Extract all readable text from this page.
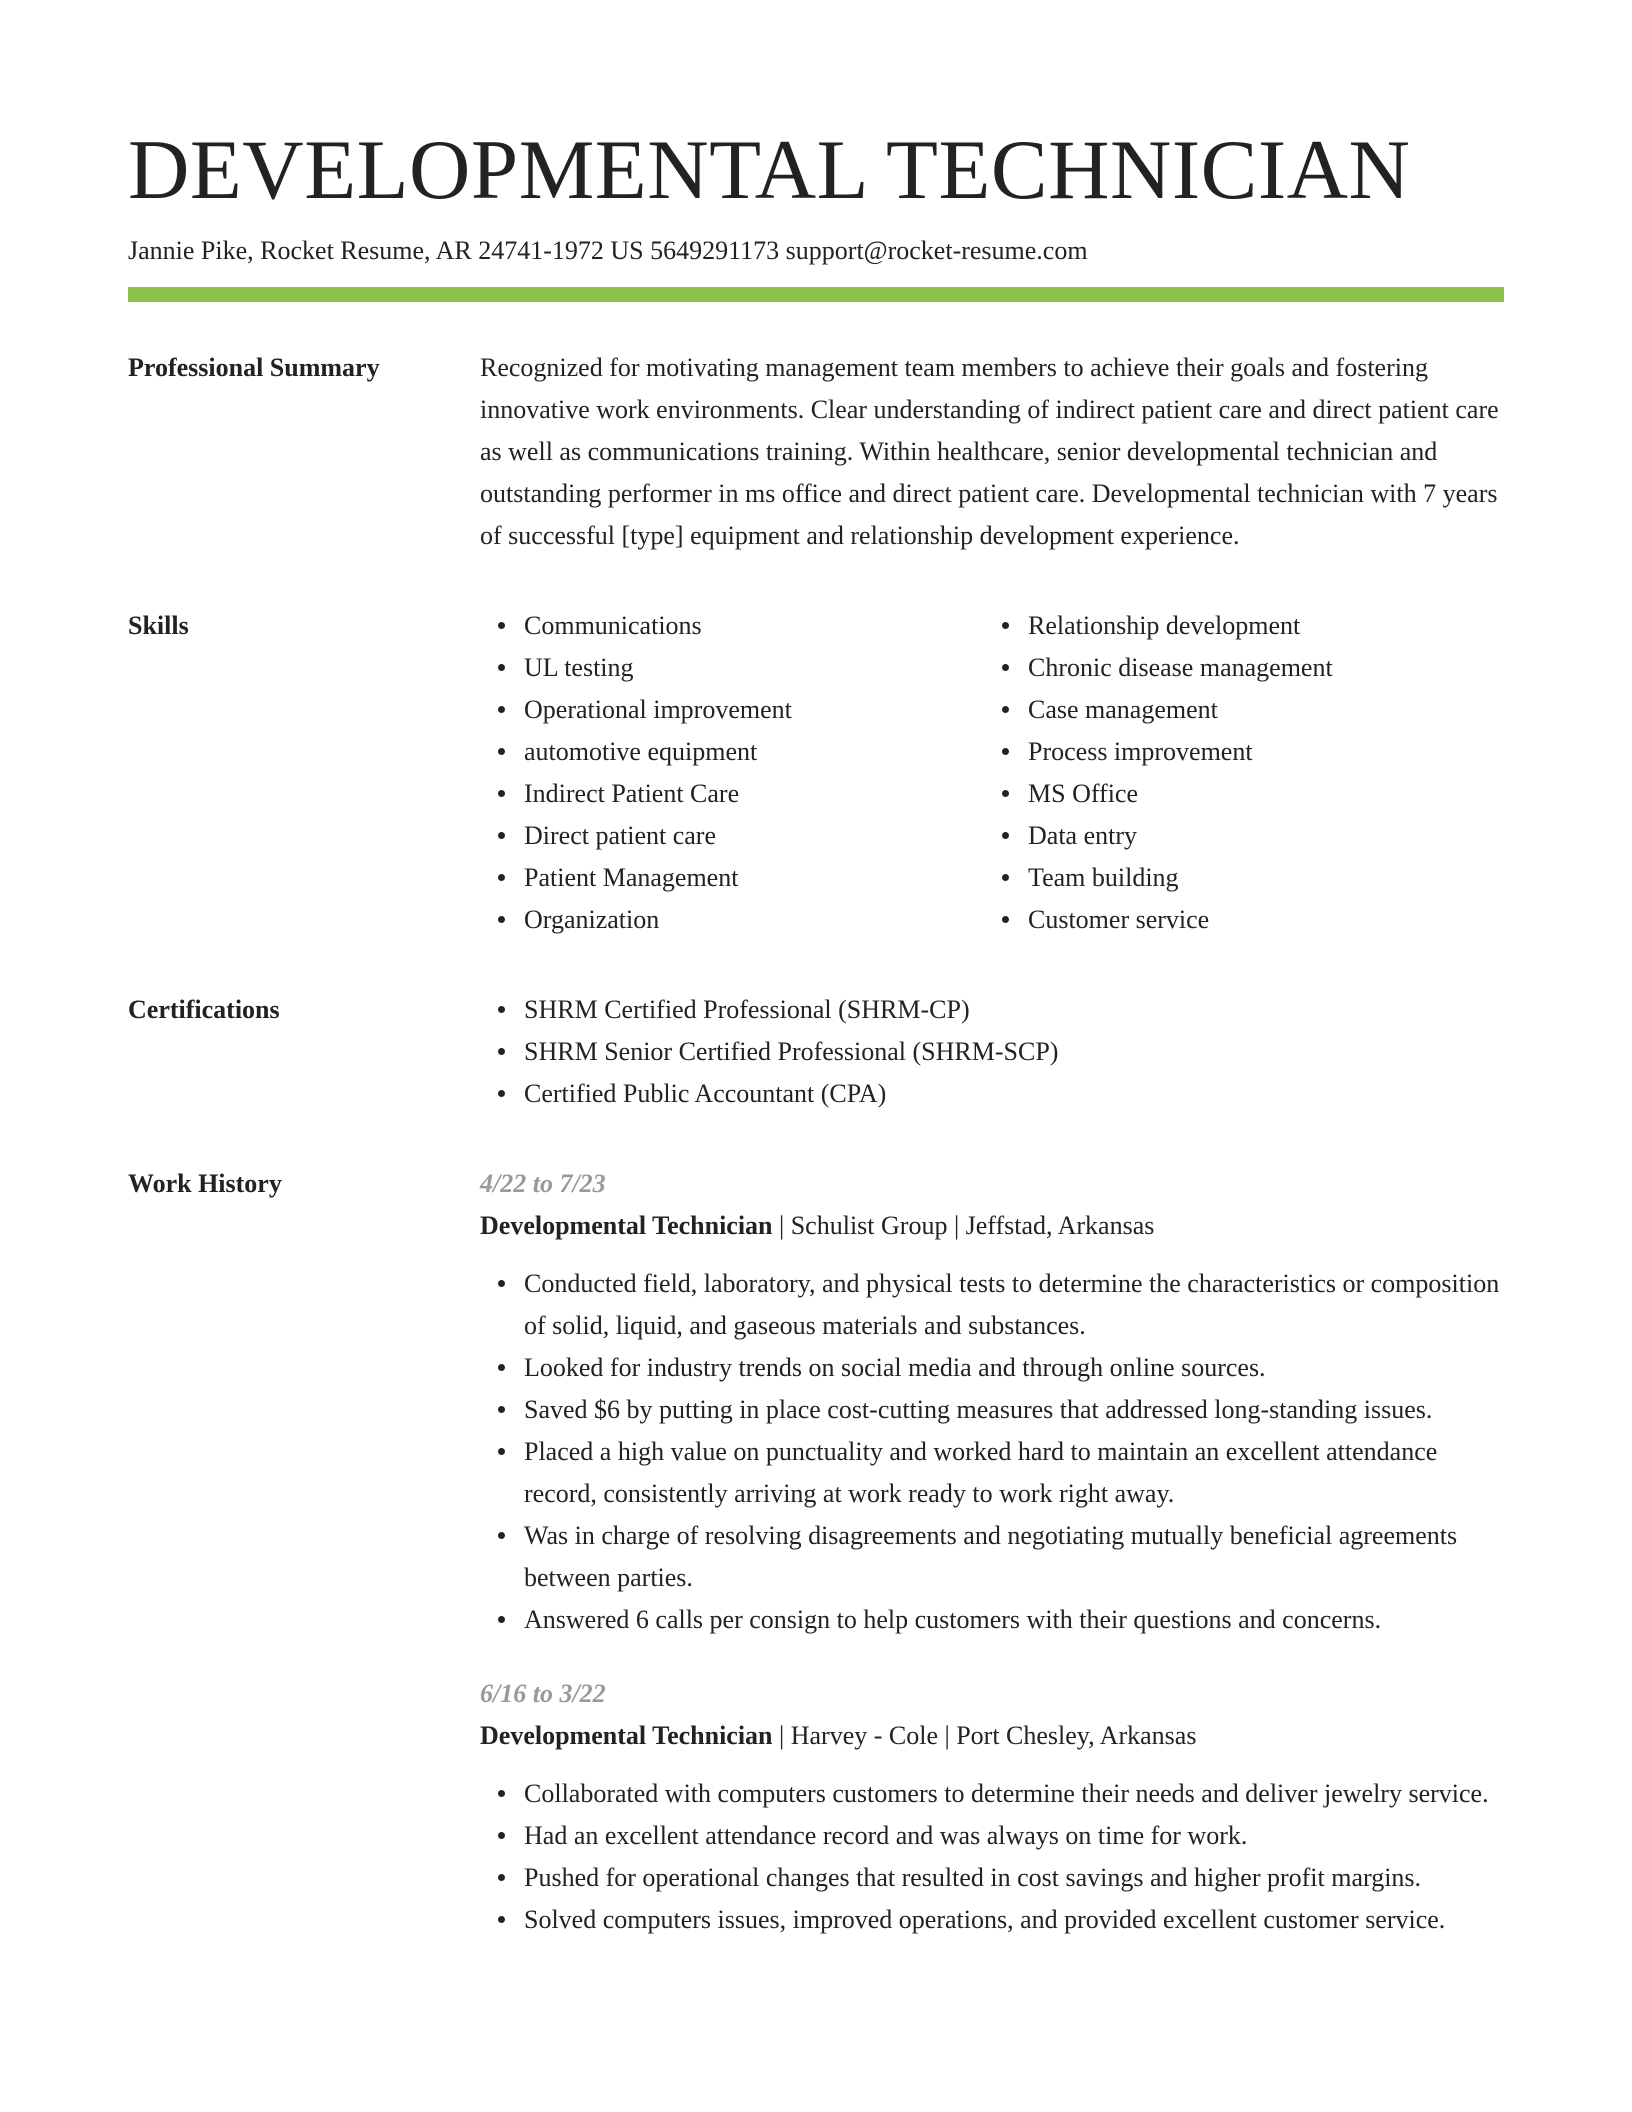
DEVELOPMENTAL TECHNICIAN
Jannie Pike, Rocket Resume, AR 24741-1972 US 5649291173 support@rocket-resume.com
Professional Summary	Recognized for motivating management team members to achieve their goals and fostering innovative work environments. Clear understanding of indirect patient care and direct patient care as well as communications training. Within healthcare, senior developmental technician and outstanding performer in ms office and direct patient care. Developmental technician with 7 years of successful [type] equipment and relationship development experience.

Skills	Communications
UL testing
Operational improvement
automotive equipment
Indirect Patient Care
Direct patient care
Patient Management
Organization
Relationship development
Chronic disease management
Case management
Process improvement
MS Office
Data entry
Team building
Customer service
Certifications	SHRM Certified Professional (SHRM-CP)
SHRM Senior Certified Professional (SHRM-SCP)
Certified Public Accountant (CPA)
Work History	4/22 to 7/23
Developmental Technician | Schulist Group | Jeffstad, Arkansas
Conducted field, laboratory, and physical tests to determine the characteristics or composition of solid, liquid, and gaseous materials and substances.
Looked for industry trends on social media and through online sources.
Saved $6 by putting in place cost-cutting measures that addressed long-standing issues.
Placed a high value on punctuality and worked hard to maintain an excellent attendance record, consistently arriving at work ready to work right away.
Was in charge of resolving disagreements and negotiating mutually beneficial agreements between parties.
Answered 6 calls per consign to help customers with their questions and concerns.
6/16 to 3/22
Developmental Technician | Harvey - Cole | Port Chesley, Arkansas
Collaborated with computers customers to determine their needs and deliver jewelry service.
Had an excellent attendance record and was always on time for work.
Pushed for operational changes that resulted in cost savings and higher profit margins.
Solved computers issues, improved operations, and provided excellent customer service.
